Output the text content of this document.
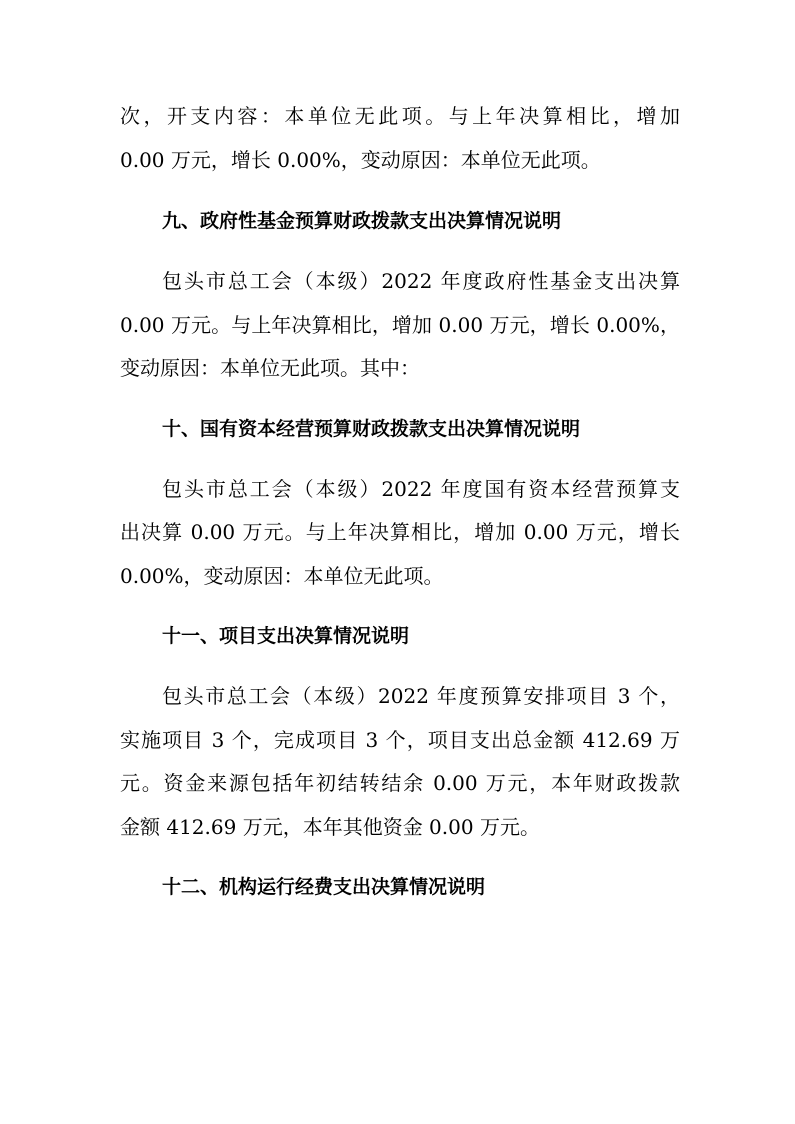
次，开支内容：本单位无此项。与上年决算相比，增加
0.00 万元，增长 0.00%，变动原因：本单位无此项。
九、政府性基金预算财政拨款支出决算情况说明
包头市总工会（本级）2022 年度政府性基金支出决算
0.00 万元。与上年决算相比，增加 0.00 万元，增长 0.00%，
变动原因：本单位无此项。其中：
十、国有资本经营预算财政拨款支出决算情况说明
包头市总工会（本级）2022 年度国有资本经营预算支
出决算 0.00 万元。与上年决算相比，增加 0.00 万元，增长
0.00%，变动原因：本单位无此项。
十一、项目支出决算情况说明
包头市总工会（本级）2022 年度预算安排项目 3 个，
实施项目 3 个，完成项目 3 个，项目支出总金额 412.69 万
元。资金来源包括年初结转结余 0.00 万元，本年财政拨款
金额 412.69 万元，本年其他资金 0.00 万元。
十二、机构运行经费支出决算情况说明
